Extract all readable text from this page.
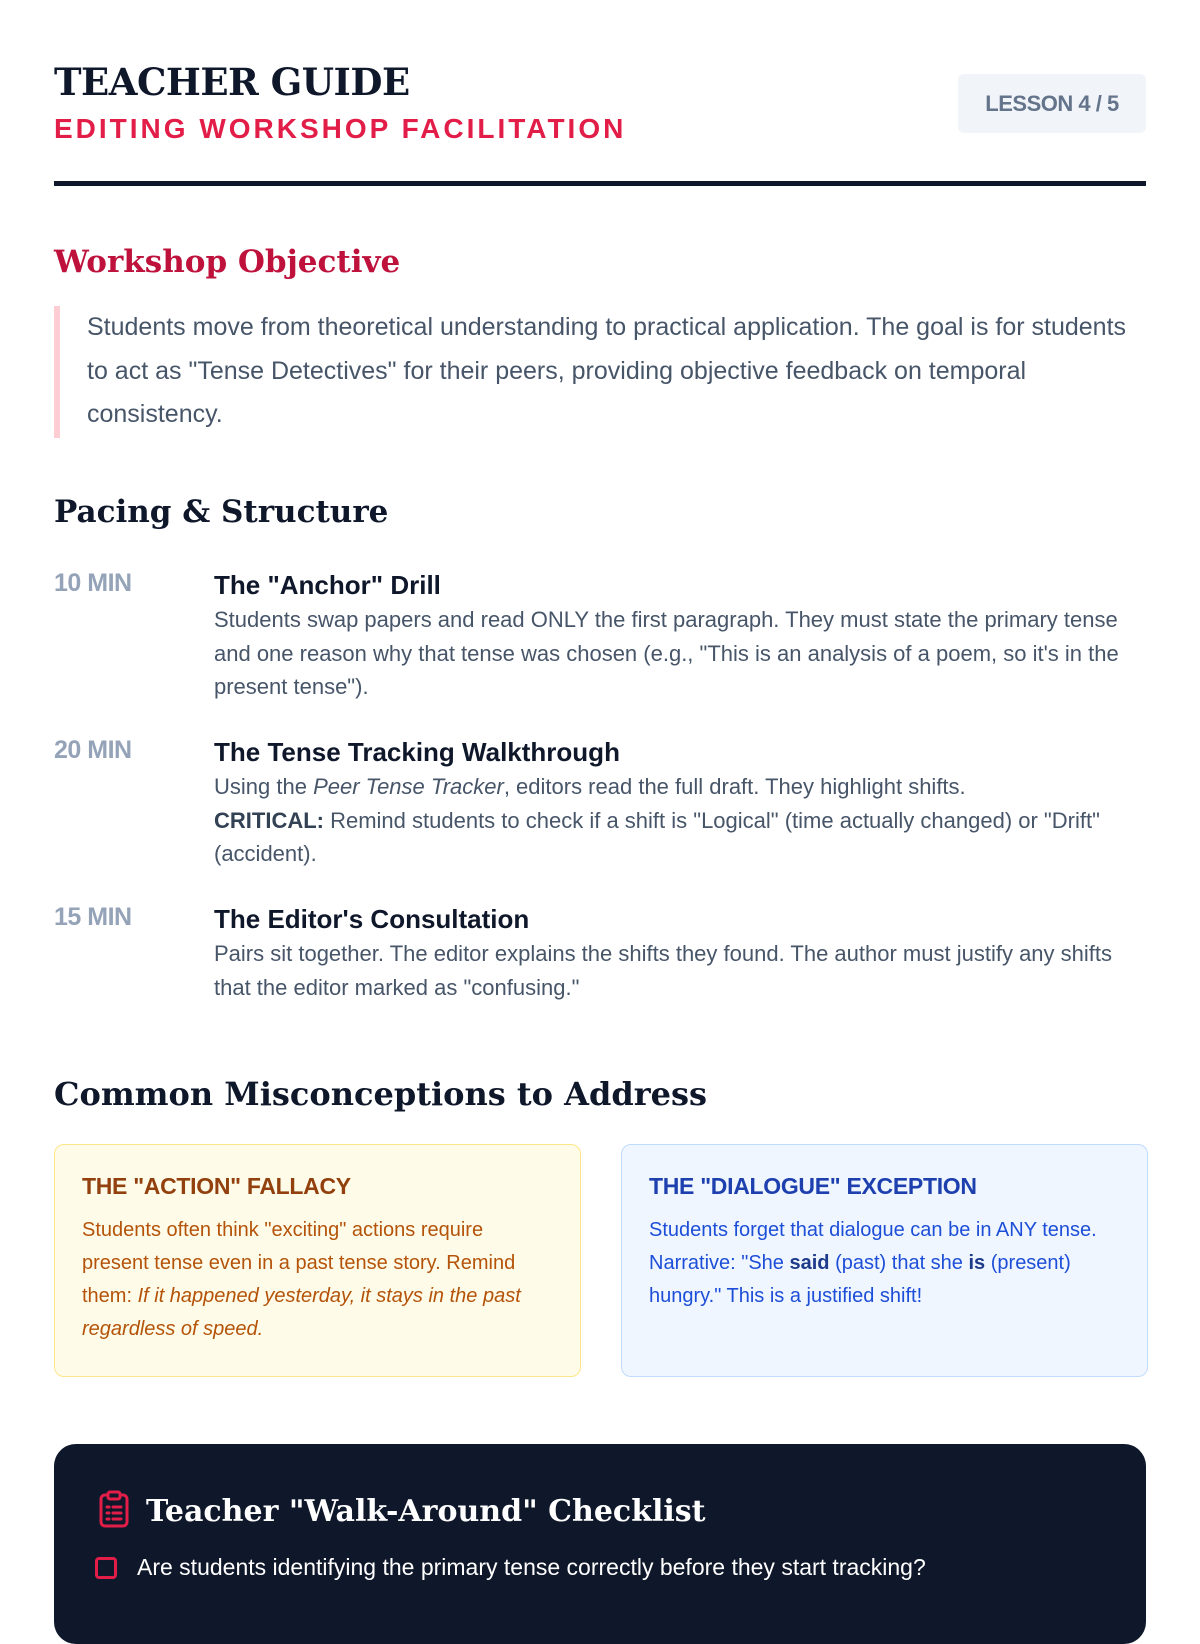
TEACHER GUIDE
EDITING WORKSHOP FACILITATION
LESSON 4 / 5
Workshop Objective
Students move from theoretical understanding to practical application. The goal is for students to act as "Tense Detectives" for their peers, providing objective feedback on temporal consistency.
Pacing & Structure
10 MIN	The "Anchor" Drill
Students swap papers and read ONLY the first paragraph. They must state the primary tense and one reason why that tense was chosen (e.g., "This is an analysis of a poem, so it's in the present tense").
20 MIN	The Tense Tracking Walkthrough
Using the Peer Tense Tracker, editors read the full draft. They highlight shifts.
CRITICAL: Remind students to check if a shift is "Logical" (time actually changed) or "Drift" (accident).
15 MIN	The Editor's Consultation
Pairs sit together. The editor explains the shifts they found. The author must justify any shifts that the editor marked as "confusing."
Common Misconceptions to Address
THE "ACTION" FALLACY
Students often think "exciting" actions require present tense even in a past tense story. Remind them: If it happened yesterday, it stays in the past regardless of speed.
THE "DIALOGUE" EXCEPTION
Students forget that dialogue can be in ANY tense. Narrative: "She said (past) that she is (present) hungry." This is a justified shift!
Teacher "Walk-Around" Checklist
Are students identifying the primary tense correctly before they start tracking?
